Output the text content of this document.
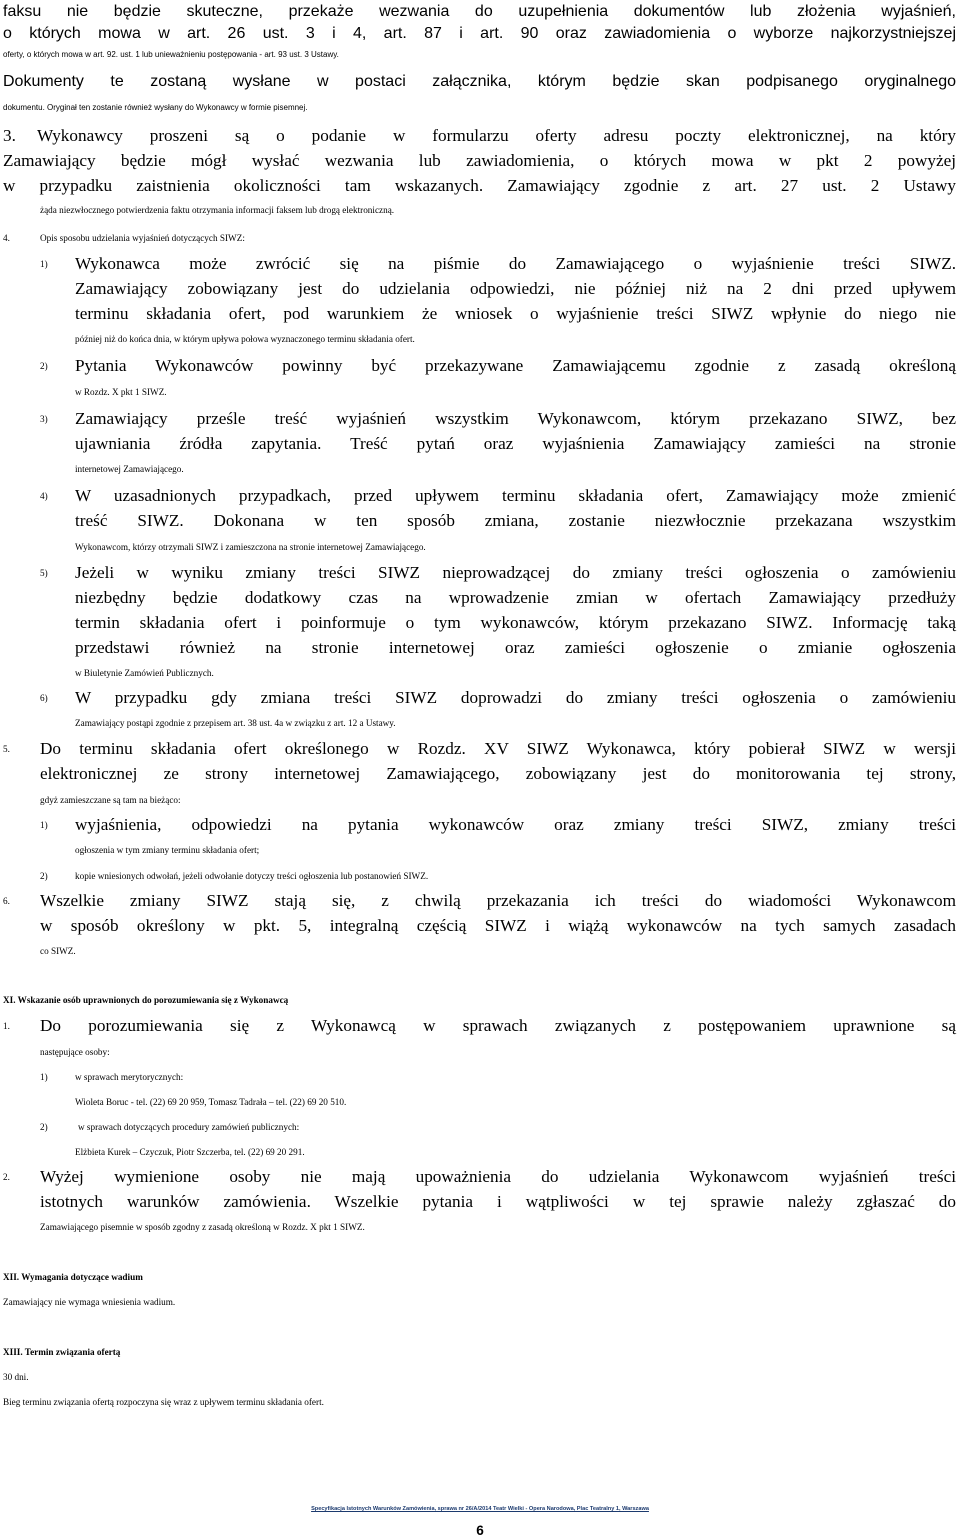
faksu nie będzie skuteczne, przekaże wezwania do uzupełnienia dokumentów lub złożenia wyjaśnień,
o których mowa w art. 26 ust. 3 i 4, art. 87 i art. 90 oraz zawiadomienia o wyborze najkorzystniejszej
oferty, o których mowa w art. 92. ust. 1 lub unieważnieniu postępowania - art. 93 ust. 3 Ustawy.
Dokumenty te zostaną wysłane w postaci załącznika, którym będzie skan podpisanego oryginalnego
dokumentu. Oryginał ten zostanie również wysłany do Wykonawcy w formie pisemnej.
3.	Wykonawcy proszeni są o podanie w formularzu oferty adresu poczty elektronicznej, na który
Zamawiający będzie mógł wysłać wezwania lub zawiadomienia, o których mowa w pkt 2 powyżej
w przypadku zaistnienia okoliczności tam wskazanych. Zamawiający zgodnie z art. 27 ust. 2 Ustawy
żąda niezwłocznego potwierdzenia faktu otrzymania informacji faksem lub drogą elektroniczną.
4.	Opis sposobu udzielania wyjaśnień dotyczących SIWZ:
1)	Wykonawca może zwrócić się na piśmie do Zamawiającego o wyjaśnienie treści SIWZ.
Zamawiający zobowiązany jest do udzielania odpowiedzi, nie później niż na 2 dni przed upływem
terminu składania ofert, pod warunkiem że wniosek o wyjaśnienie treści SIWZ wpłynie do niego nie
później niż do końca dnia, w którym upływa połowa wyznaczonego terminu składania ofert.
2)	Pytania Wykonawców powinny być przekazywane Zamawiającemu zgodnie z zasadą określoną
w Rozdz. X pkt 1 SIWZ.
3)	Zamawiający prześle treść wyjaśnień wszystkim Wykonawcom, którym przekazano SIWZ, bez
ujawniania źródła zapytania. Treść pytań oraz wyjaśnienia Zamawiający zamieści na stronie
internetowej Zamawiającego.
4)	W uzasadnionych przypadkach, przed upływem terminu składania ofert, Zamawiający może zmienić
treść SIWZ. Dokonana w ten sposób zmiana, zostanie niezwłocznie przekazana wszystkim
Wykonawcom, którzy otrzymali SIWZ i zamieszczona na stronie internetowej Zamawiającego.
5)	Jeżeli w wyniku zmiany treści SIWZ nieprowadzącej do zmiany treści ogłoszenia o zamówieniu
niezbędny będzie dodatkowy czas na wprowadzenie zmian w ofertach Zamawiający przedłuży
termin składania ofert i poinformuje o tym wykonawców, którym przekazano SIWZ. Informację taką
przedstawi również na stronie internetowej oraz zamieści ogłoszenie o zmianie ogłoszenia
w Biuletynie Zamówień Publicznych.
6)	W przypadku gdy zmiana treści SIWZ doprowadzi do zmiany treści ogłoszenia o zamówieniu
Zamawiający postąpi zgodnie z przepisem art. 38 ust. 4a w związku z art. 12 a Ustawy.
5.	Do terminu składania ofert określonego w Rozdz. XV SIWZ Wykonawca, który pobierał SIWZ w wersji
elektronicznej ze strony internetowej Zamawiającego, zobowiązany jest do monitorowania tej strony,
gdyż zamieszczane są tam na bieżąco:
1)	wyjaśnienia, odpowiedzi na pytania wykonawców oraz zmiany treści SIWZ, zmiany treści
ogłoszenia w tym zmiany terminu składania ofert;
2)	kopie wniesionych odwołań, jeżeli odwołanie dotyczy treści ogłoszenia lub postanowień SIWZ.
6.	Wszelkie zmiany SIWZ stają się, z chwilą przekazania ich treści do wiadomości Wykonawcom
w sposób określony w pkt. 5, integralną częścią SIWZ i wiążą wykonawców na tych samych zasadach
co SIWZ.
XI. Wskazanie osób uprawnionych do porozumiewania się z Wykonawcą
1.	Do porozumiewania się z Wykonawcą w sprawach związanych z postępowaniem uprawnione są
następujące osoby:
1)	w sprawach merytorycznych:
Wioleta Boruc - tel. (22) 69 20 959, Tomasz Tadrała – tel. (22) 69 20 510.
2)	w sprawach dotyczących procedury zamówień publicznych:
Elżbieta Kurek – Czyczuk, Piotr Szczerba, tel. (22) 69 20 291.
2.	Wyżej wymienione osoby nie mają upoważnienia do udzielania Wykonawcom wyjaśnień treści
istotnych warunków zamówienia. Wszelkie pytania i wątpliwości w tej sprawie należy zgłaszać do
Zamawiającego pisemnie w sposób zgodny z zasadą określoną w Rozdz. X pkt 1 SIWZ.
XII. Wymagania dotyczące wadium
Zamawiający nie wymaga wniesienia wadium.
XIII. Termin związania ofertą
30 dni.
Bieg terminu związania ofertą rozpoczyna się wraz z upływem terminu składania ofert.
Specyfikacja Istotnych Warunków Zamówienia, sprawa nr 26/A/2014 Teatr Wielki - Opera Narodowa, Plac Teatralny 1, Warszawa
6
